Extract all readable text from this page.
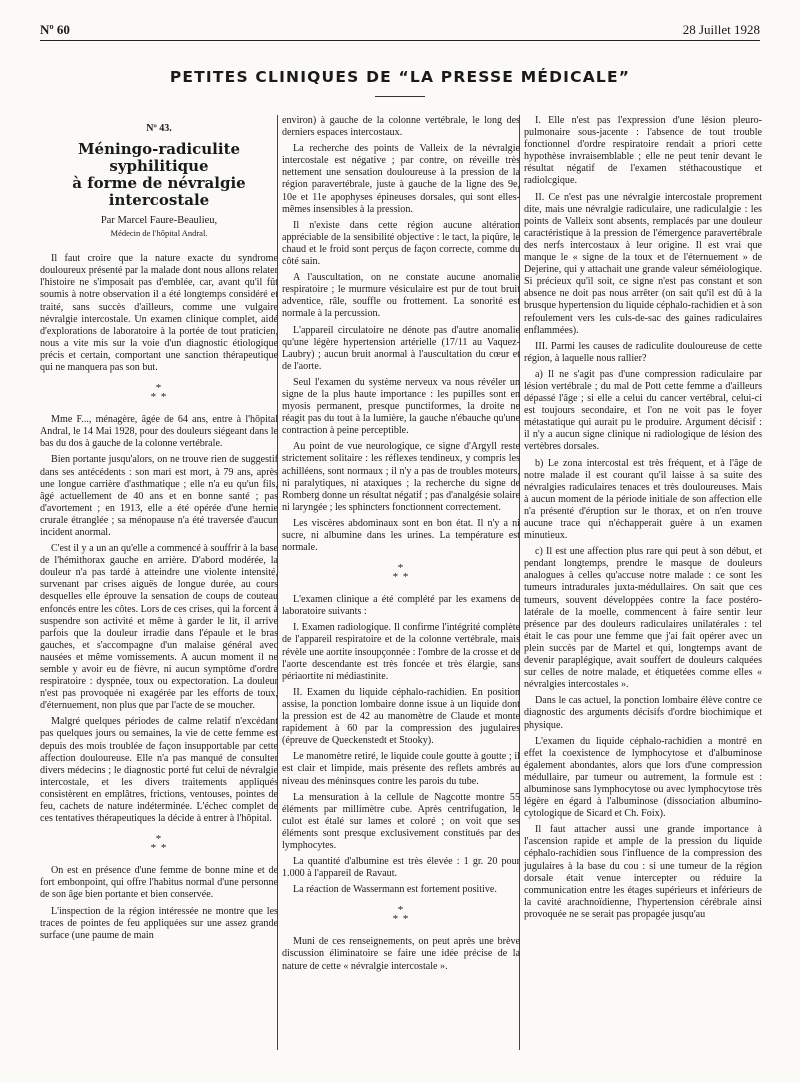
Nº 60	28 Juillet 1928
PETITES CLINIQUES DE “LA PRESSE MÉDICALE”
Nº 43.
Méningo-radiculite
syphilitique
à forme de névralgie intercostale
Par Marcel Faure-Beaulieu,
Médecin de l'hôpital Andral.

Il faut croire que la nature exacte du syndrome douloureux présenté par la malade dont nous allons relater l'histoire ne s'imposait pas d'emblée, car, avant qu'il fût soumis à notre observation il a été longtemps considéré et traité, sans succès d'ailleurs, comme une vulgaire névralgie intercostale. Un examen clinique complet, aidé d'explorations de laboratoire à la portée de tout praticien, nous a vite mis sur la voie d'un diagnostic étiologique précis et certain, comportant une sanction thérapeutique qui ne manquera pas son but.

*
* *

Mme F..., ménagère, âgée de 64 ans, entre à l'hôpital Andral, le 14 Mai 1928, pour des douleurs siégeant dans le bas du dos à gauche de la colonne vertébrale.

Bien portante jusqu'alors, on ne trouve rien de suggestif dans ses antécédents : son mari est mort, à 79 ans, après une longue carrière d'asthmatique ; elle n'a eu qu'un fils, âgé actuellement de 40 ans et en bonne santé ; pas d'avortement ; en 1913, elle a été opérée d'une hernie crurale étranglée ; sa ménopause n'a été traversée d'aucun incident anormal.

C'est il y a un an qu'elle a commencé à souffrir à la base de l'hémithorax gauche en arrière. D'abord modérée, la douleur n'a pas tardé à atteindre une violente intensité, survenant par crises aiguës de longue durée, au cours desquelles elle éprouve la sensation de coups de couteau enfoncés entre les côtes. Lors de ces crises, qui la forcent à suspendre son activité et même à garder le lit, il arrive parfois que la douleur irradie dans l'épaule et le bras gauches, et s'accompagne d'un malaise général avec nausées et même vomissements. A aucun moment il ne semble y avoir eu de fièvre, ni aucun symptôme d'ordre respiratoire : dyspnée, toux ou expectoration. La douleur n'est pas provoquée ni exagérée par les efforts de toux, d'éternuement, non plus que par l'acte de se moucher.

Malgré quelques périodes de calme relatif n'excédant pas quelques jours ou semaines, la vie de cette femme est depuis des mois troublée de façon insupportable par cette affection douloureuse. Elle n'a pas manqué de consulter divers médecins ; le diagnostic porté fut celui de névralgie intercostale, et les divers traitements appliqués consistèrent en emplâtres, frictions, ventouses, pointes de feu, cachets de nature indéterminée. L'échec complet de ces tentatives thérapeutiques la décide à entrer à l'hôpital.

*
* *

On est en présence d'une femme de bonne mine et de fort embonpoint, qui offre l'habitus normal d'une personne de son âge bien portante et bien conservée.

L'inspection de la région intéressée ne montre que les traces de pointes de feu appliquées sur une assez grande surface (une paume de main

environ) à gauche de la colonne vertébrale, le long des derniers espaces intercostaux.

La recherche des points de Valleix de la névralgie intercostale est négative ; par contre, on réveille très nettement une sensation douloureuse à la pression de la région paravertébrale, juste à gauche de la ligne des 9e, 10e et 11e apophyses épineuses dorsales, qui sont elles-mêmes insensibles à la pression.

Il n'existe dans cette région aucune altération appréciable de la sensibilité objective : le tact, la piqûre, le chaud et le froid sont perçus de façon correcte, comme du côté sain.

A l'auscultation, on ne constate aucune anomalie respiratoire ; le murmure vésiculaire est pur de tout bruit adventice, râle, souffle ou frottement. La sonorité est normale à la percussion.

L'appareil circulatoire ne dénote pas d'autre anomalie qu'une légère hypertension artérielle (17/11 au Vaquez-Laubry) ; aucun bruit anormal à l'auscultation du cœur et de l'aorte.

Seul l'examen du système nerveux va nous révéler un signe de la plus haute importance : les pupilles sont en myosis permanent, presque punctiformes, la droite ne réagit pas du tout à la lumière, la gauche n'ébauche qu'une contraction à peine perceptible.

Au point de vue neurologique, ce signe d'Argyll reste strictement solitaire : les réflexes tendineux, y compris les achilléens, sont normaux ; il n'y a pas de troubles moteurs, ni paralytiques, ni ataxiques ; la recherche du signe de Romberg donne un résultat négatif ; pas d'analgésie solaire ni laryngée ; les sphincters fonctionnent correctement.

Les viscères abdominaux sont en bon état. Il n'y a ni sucre, ni albumine dans les urines. La température est normale.

*
* *

L'examen clinique a été complété par les examens de laboratoire suivants :

I. Examen radiologique. Il confirme l'intégrité complète de l'appareil respiratoire et de la colonne vertébrale, mais révèle une aortite insoupçonnée : l'ombre de la crosse et de l'aorte descendante est très foncée et très élargie, sans périaortite ni médiastinite.

II. Examen du liquide céphalo-rachidien. En position assise, la ponction lombaire donne issue à un liquide dont la pression est de 42 au manomètre de Claude et monte rapidement à 60 par la compression des jugulaires (épreuve de Queckenstedt et Stooky).

Le manomètre retiré, le liquide coule goutte à goutte ; il est clair et limpide, mais présente des reflets ambrés au niveau des méninsques contre les parois du tube.

La mensuration à la cellule de Nagcotte montre 55 éléments par millimètre cube. Après centrifugation, le culot est étalé sur lames et coloré ; on voit que ses éléments sont presque exclusivement constitués par des lymphocytes.

La quantité d'albumine est très élevée : 1 gr. 20 pour 1.000 à l'appareil de Ravaut.

La réaction de Wassermann est fortement positive.

*
* *

Muni de ces renseignements, on peut après une brève discussion éliminatoire se faire une idée précise de la nature de cette « névralgie intercostale ».

I. Elle n'est pas l'expression d'une lésion pleuro-pulmonaire sous-jacente : l'absence de tout trouble fonctionnel d'ordre respiratoire rendait a priori cette hypothèse invraisemblable ; elle ne peut tenir devant le résultat négatif de l'examen stéthacoustique et radiolcgique.

II. Ce n'est pas une névralgie intercostale proprement dite, mais une névralgie radiculaire, une radiculalgie : les points de Valleix sont absents, remplacés par une douleur caractéristique à la pression de l'émergence paravertébrale des nerfs intercostaux à leur origine. Il est vrai que manque le « signe de la toux et de l'éternuement » de Dejerine, qui y attachait une grande valeur séméiologique. Si précieux qu'il soit, ce signe n'est pas constant et son absence ne doit pas nous arrêter (on sait qu'il est dû à la brusque hypertension du liquide céphalo-rachidien et à son refoulement vers les culs-de-sac des gaines radiculaires enflammées).

III. Parmi les causes de radiculite douloureuse de cette région, à laquelle nous rallier?

a) Il ne s'agit pas d'une compression radiculaire par lésion vertébrale ; du mal de Pott cette femme a d'ailleurs dépassé l'âge ; si elle a celui du cancer vertébral, celui-ci est toujours secondaire, et l'on ne voit pas le foyer métastatique qui aurait pu le produire. Argument décisif : il n'y a aucun signe clinique ni radiologique de lésion des vertèbres dorsales.

b) Le zona intercostal est très fréquent, et à l'âge de notre malade il est courant qu'il laisse à sa suite des névralgies radiculaires tenaces et très douloureuses. Mais à aucun moment de la période initiale de son affection elle n'a présenté d'éruption sur le thorax, et on n'en trouve aucune trace qui n'échapperait guère à un examen minutieux.

c) Il est une affection plus rare qui peut à son début, et pendant longtemps, prendre le masque de douleurs analogues à celles qu'accuse notre malade : ce sont les tumeurs intradurales juxta-médullaires. On sait que ces tumeurs, souvent développées contre la face postéro-latérale de la moelle, commencent à faire sentir leur présence par des douleurs radiculaires unilatérales : tel était le cas pour une femme que j'ai fait opérer avec un plein succès par de Martel et qui, longtemps avant de devenir paraplégique, avait souffert de douleurs calquées sur celles de notre malade, et étiquetées comme elles « névralgies intercostales ».

Dans le cas actuel, la ponction lombaire élève contre ce diagnostic des arguments décisifs d'ordre biochimique et physique.

L'examen du liquide céphalo-rachidien a montré en effet la coexistence de lymphocytose et d'albuminose également abondantes, alors que lors d'une compression médullaire, par tumeur ou autrement, la formule est : albuminose sans lymphocytose ou avec lymphocytose très légère en égard à l'albuminose (dissociation albumino-cytologique de Sicard et Ch. Foix).

Il faut attacher aussi une grande importance à l'ascension rapide et ample de la pression du liquide céphalo-rachidien sous l'influence de la compression des jugulaires à la base du cou : si une tumeur de la région dorsale était venue intercepter ou réduire la communication entre les étages supérieurs et inférieurs de la cavité arachnoïdienne, l'hypertension cérébrale ainsi provoquée ne se serait pas propagée jusqu'au
